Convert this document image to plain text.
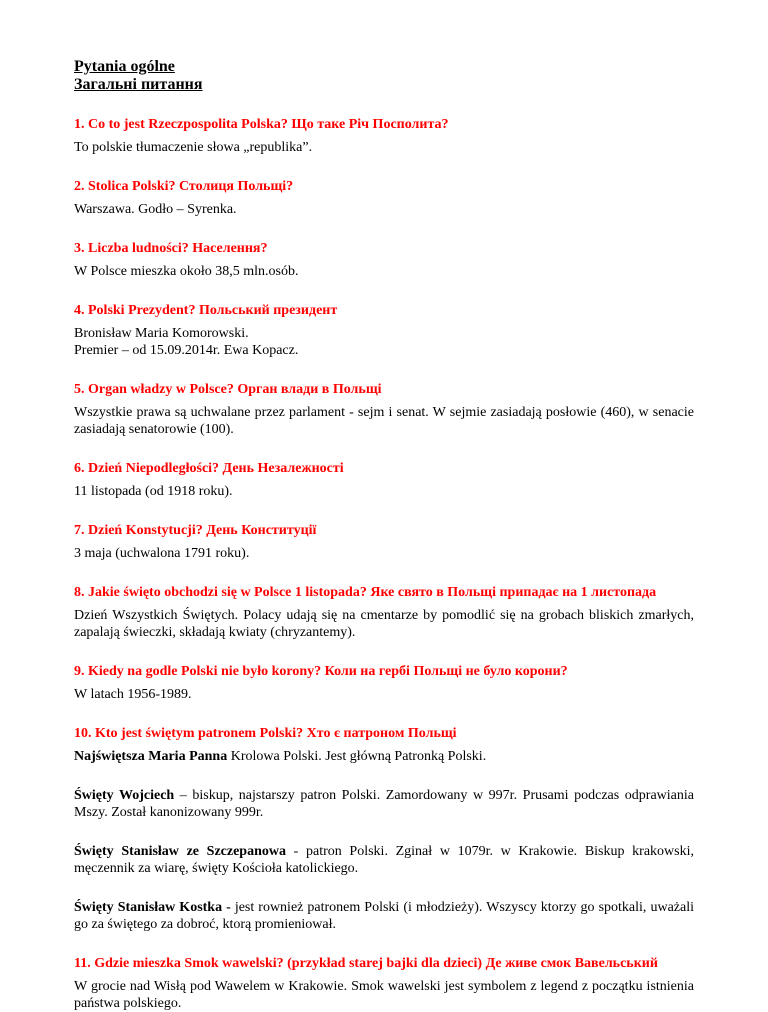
Pytania ogólne
Загальні питання

1. Co to jest Rzeczpospolita Polska? Що таке Річ Посполита?

To polskie tłumaczenie słowa „republika”.

2. Stolica Polski? Столиця Польщі?

Warszawa. Godło – Syrenka.

3. Liczba ludności? Населення?

W Polsce mieszka około 38,5 mln.osób.

4. Polski Prezydent? Польський президент

Bronisław Maria Komorowski.

Premier – od 15.09.2014r. Ewa Kopacz.

5. Organ władzy w Polsce? Орган влади в Польщі

Wszystkie prawa są uchwalane przez parlament - sejm i senat. W sejmie zasiadają posłowie (460), w senacie zasiadają senatorowie (100).

6. Dzień Niepodległości? День Незалежності

11 listopada (od 1918 roku).

7. Dzień Konstytucji? День Конституції

3 maja (uchwalona 1791 roku).

8. Jakie święto obchodzi się w Polsce 1 listopada? Яке свято в Польщі припадає на 1 листопада

Dzień Wszystkich Świętych. Polacy udają się na cmentarze by pomodlić się na grobach bliskich zmarłych, zapalają świeczki, składają kwiaty (chryzantemy).

9. Kiedy na godle Polski nie było korony? Коли на гербі Польщі не було корони?

W latach 1956-1989.

10. Kto jest świętym patronem Polski? Хто є патроном Польщі

Najświętsza Maria Panna Krolowa Polski. Jest główną Patronką Polski.

Święty Wojciech – biskup, najstarszy patron Polski. Zamordowany w 997r. Prusami podczas odprawiania Mszy. Został kanonizowany 999r.

Święty Stanisław ze Szczepanowa - patron Polski. Zginał w 1079r. w Krakowie. Biskup krakowski, męczennik za wiarę, święty Kościoła katolickiego.

Święty Stanisław Kostka - jest rownież patronem Polski (i młodzieży). Wszyscy ktorzy go spotkali, uważali go za świętego za dobroć, ktorą promieniował.

11. Gdzie mieszka Smok wawelski? (przykład starej bajki dla dzieci) Де живе смок Вавельський

W grocie nad Wisłą pod Wawelem w Krakowie. Smok wawelski jest symbolem z legend z początku istnienia państwa polskiego.
